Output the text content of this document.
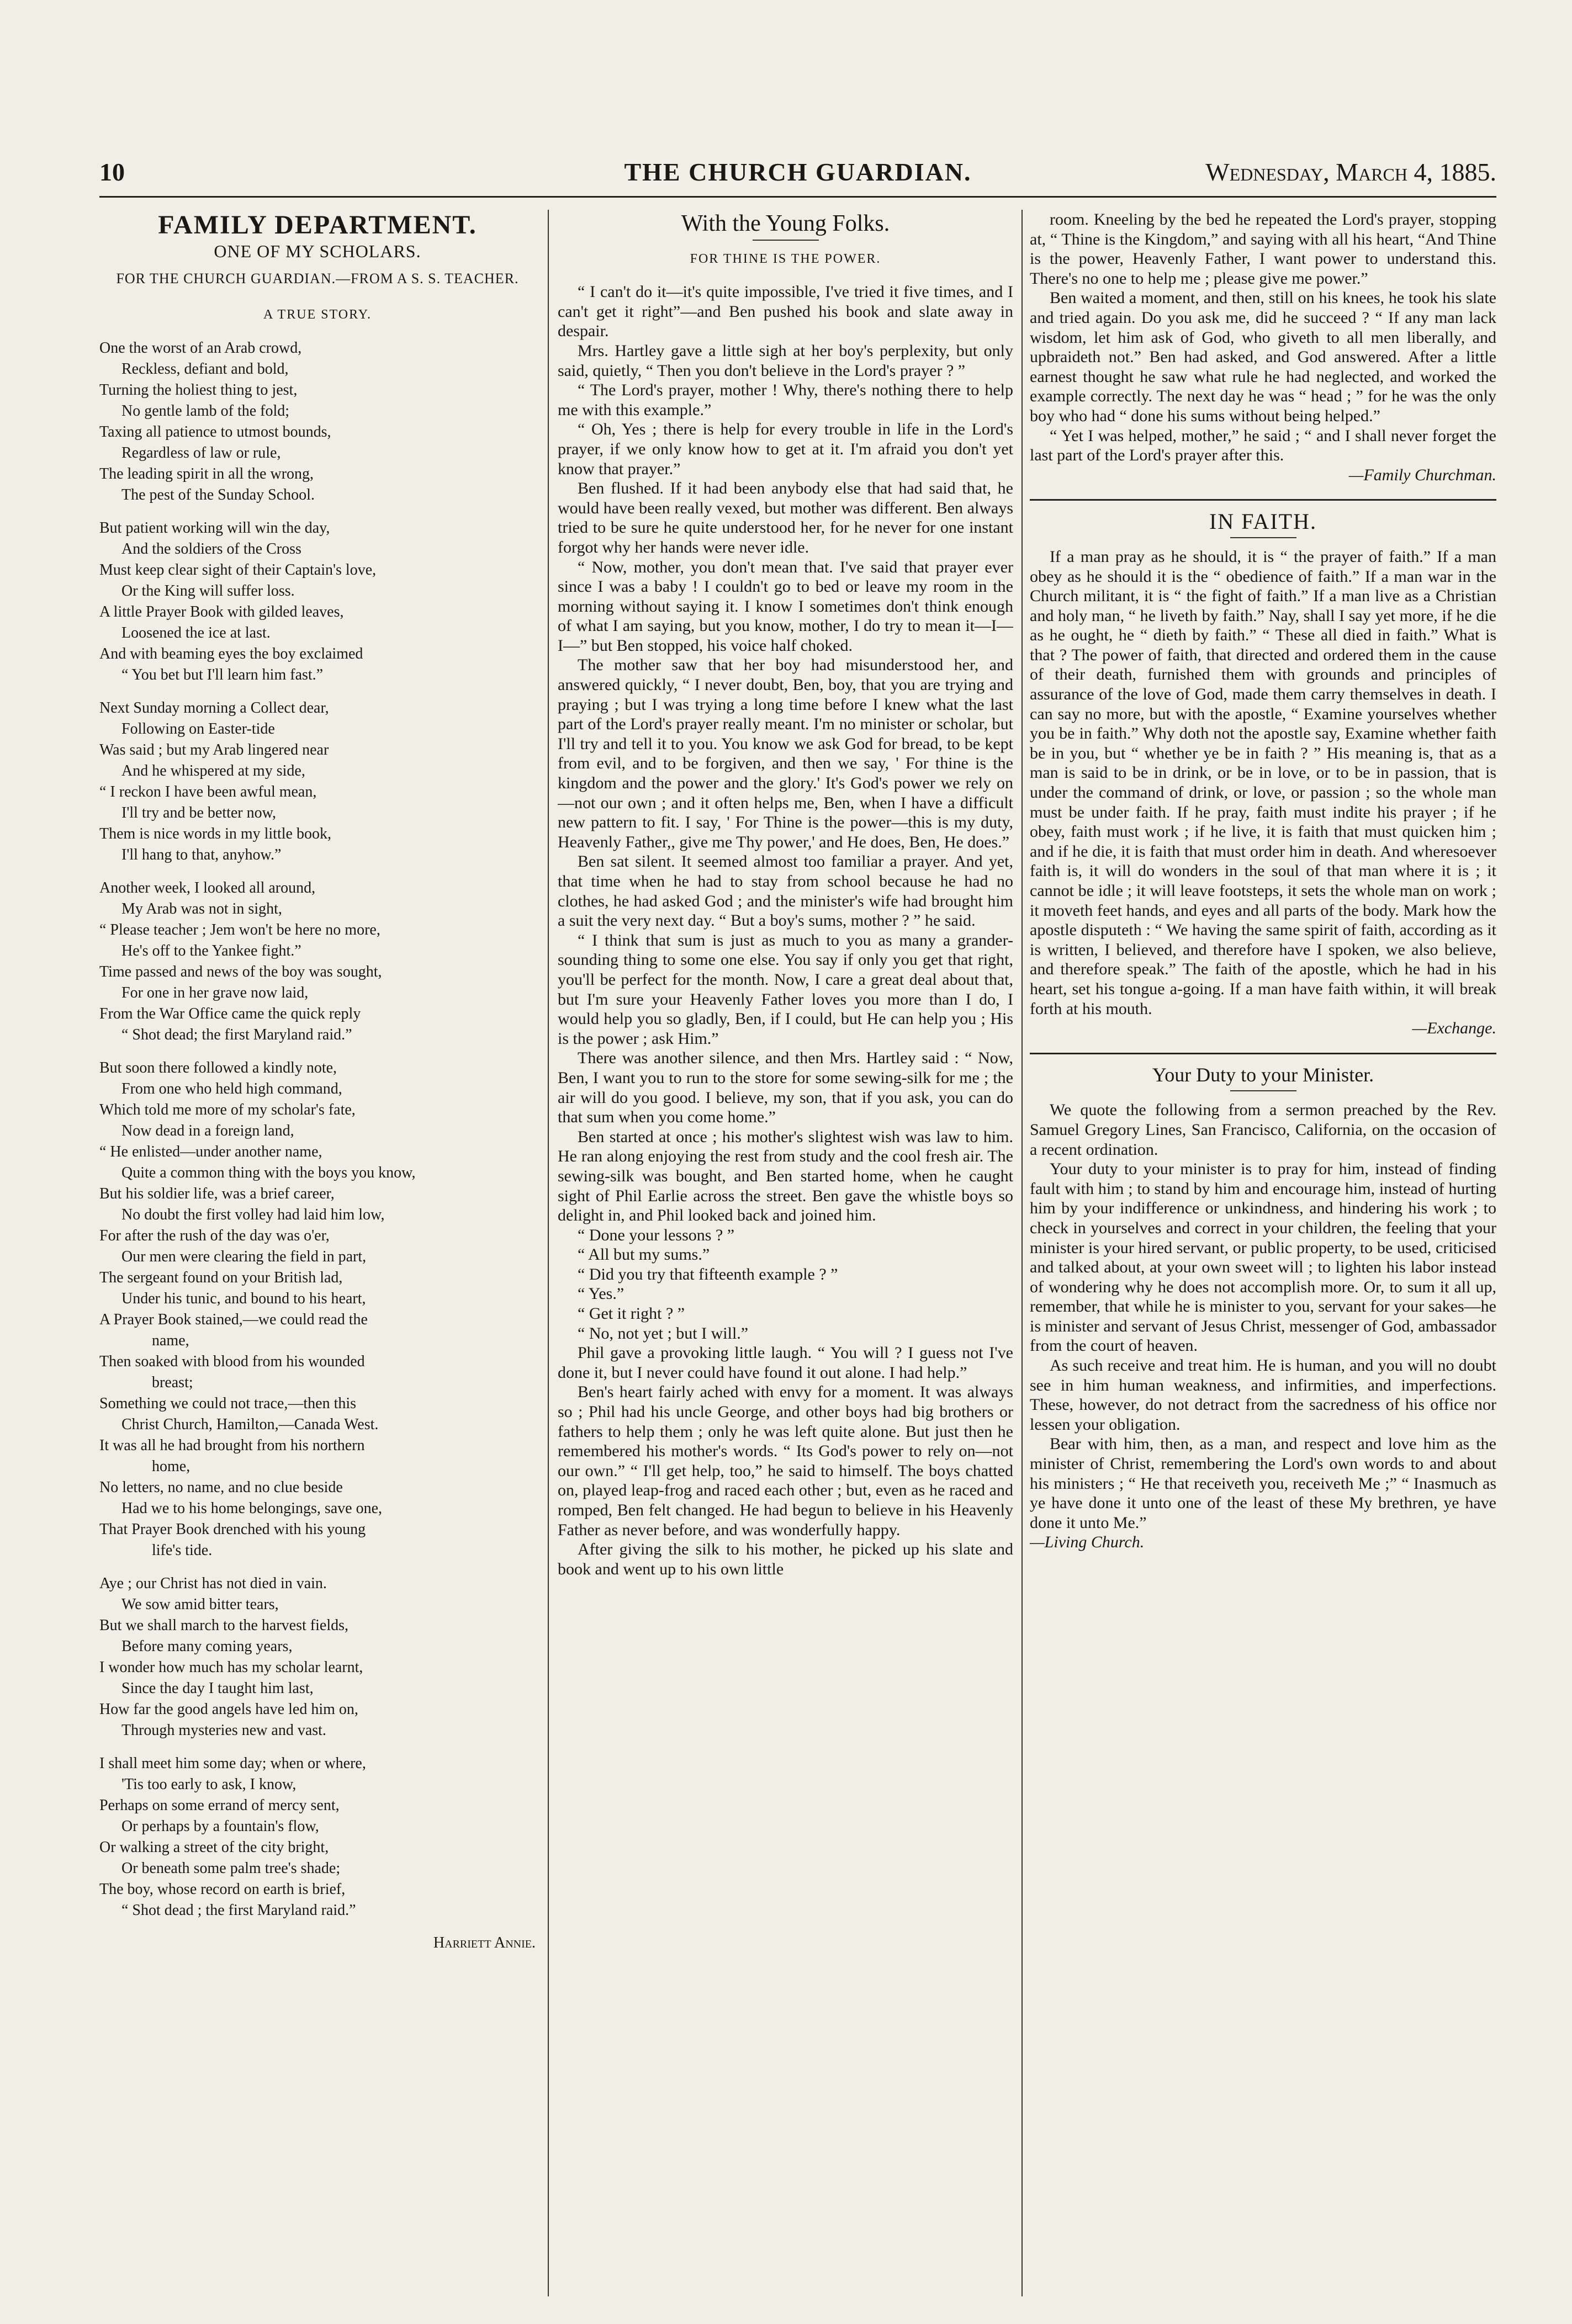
10	THE CHURCH GUARDIAN.	Wednesday, March 4, 1885.
FAMILY DEPARTMENT.
ONE OF MY SCHOLARS.
FOR THE CHURCH GUARDIAN.—FROM A S. S. TEACHER.
A TRUE STORY.
One the worst of an Arab crowd,
Reckless, defiant and bold,
Turning the holiest thing to jest,
No gentle lamb of the fold;
Taxing all patience to utmost bounds,
Regardless of law or rule,
The leading spirit in all the wrong,
The pest of the Sunday School.
But patient working will win the day,
And the soldiers of the Cross
Must keep clear sight of their Captain's love,
Or the King will suffer loss.
A little Prayer Book with gilded leaves,
Loosened the ice at last.
And with beaming eyes the boy exclaimed
“ You bet but I'll learn him fast.”
Next Sunday morning a Collect dear,
Following on Easter-tide
Was said ; but my Arab lingered near
And he whispered at my side,
“ I reckon I have been awful mean,
I'll try and be better now,
Them is nice words in my little book,
I'll hang to that, anyhow.”
Another week, I looked all around,
My Arab was not in sight,
“ Please teacher ; Jem won't be here no more,
He's off to the Yankee fight.”
Time passed and news of the boy was sought,
For one in her grave now laid,
From the War Office came the quick reply
“ Shot dead; the first Maryland raid.”
But soon there followed a kindly note,
From one who held high command,
Which told me more of my scholar's fate,
Now dead in a foreign land,
“ He enlisted—under another name,
Quite a common thing with the boys you know,
But his soldier life, was a brief career,
No doubt the first volley had laid him low,
For after the rush of the day was o'er,
Our men were clearing the field in part,
The sergeant found on your British lad,
Under his tunic, and bound to his heart,
A Prayer Book stained,—we could read the
name,
Then soaked with blood from his wounded
breast;
Something we could not trace,—then this
Christ Church, Hamilton,—Canada West.
It was all he had brought from his northern
home,
No letters, no name, and no clue beside
Had we to his home belongings, save one,
That Prayer Book drenched with his young
life's tide.
Aye ; our Christ has not died in vain.
We sow amid bitter tears,
But we shall march to the harvest fields,
Before many coming years,
I wonder how much has my scholar learnt,
Since the day I taught him last,
How far the good angels have led him on,
Through mysteries new and vast.
I shall meet him some day; when or where,
'Tis too early to ask, I know,
Perhaps on some errand of mercy sent,
Or perhaps by a fountain's flow,
Or walking a street of the city bright,
Or beneath some palm tree's shade;
The boy, whose record on earth is brief,
“ Shot dead ; the first Maryland raid.”
Harriett Annie.
With the Young Folks.
FOR THINE IS THE POWER.

“ I can't do it—it's quite impossible, I've tried it five times, and I can't get it right”—and Ben pushed his book and slate away in despair.

Mrs. Hartley gave a little sigh at her boy's perplexity, but only said, quietly, “ Then you don't believe in the Lord's prayer ? ”

“ The Lord's prayer, mother ! Why, there's nothing there to help me with this example.”

“ Oh, Yes ; there is help for every trouble in life in the Lord's prayer, if we only know how to get at it. I'm afraid you don't yet know that prayer.”

Ben flushed. If it had been anybody else that had said that, he would have been really vexed, but mother was different. Ben always tried to be sure he quite understood her, for he never for one instant forgot why her hands were never idle.

“ Now, mother, you don't mean that. I've said that prayer ever since I was a baby ! I couldn't go to bed or leave my room in the morning without saying it. I know I sometimes don't think enough of what I am saying, but you know, mother, I do try to mean it—I—I—” but Ben stopped, his voice half choked.

The mother saw that her boy had misunderstood her, and answered quickly, “ I never doubt, Ben, boy, that you are trying and praying ; but I was trying a long time before I knew what the last part of the Lord's prayer really meant. I'm no minister or scholar, but I'll try and tell it to you. You know we ask God for bread, to be kept from evil, and to be forgiven, and then we say, ' For thine is the kingdom and the power and the glory.' It's God's power we rely on—not our own ; and it often helps me, Ben, when I have a difficult new pattern to fit. I say, ' For Thine is the power—this is my duty, Heavenly Father,, give me Thy power,' and He does, Ben, He does.”

Ben sat silent. It seemed almost too familiar a prayer. And yet, that time when he had to stay from school because he had no clothes, he had asked God ; and the minister's wife had brought him a suit the very next day. “ But a boy's sums, mother ? ” he said.

“ I think that sum is just as much to you as many a grander-sounding thing to some one else. You say if only you get that right, you'll be perfect for the month. Now, I care a great deal about that, but I'm sure your Heavenly Father loves you more than I do, I would help you so gladly, Ben, if I could, but He can help you ; His is the power ; ask Him.”

There was another silence, and then Mrs. Hartley said : “ Now, Ben, I want you to run to the store for some sewing-silk for me ; the air will do you good. I believe, my son, that if you ask, you can do that sum when you come home.”

Ben started at once ; his mother's slightest wish was law to him. He ran along enjoying the rest from study and the cool fresh air. The sewing-silk was bought, and Ben started home, when he caught sight of Phil Earlie across the street. Ben gave the whistle boys so delight in, and Phil looked back and joined him.

“ Done your lessons ? ”

“ All but my sums.”

“ Did you try that fifteenth example ? ”

“ Yes.”

“ Get it right ? ”

“ No, not yet ; but I will.”

Phil gave a provoking little laugh. “ You will ? I guess not I've done it, but I never could have found it out alone. I had help.”

Ben's heart fairly ached with envy for a moment. It was always so ; Phil had his uncle George, and other boys had big brothers or fathers to help them ; only he was left quite alone. But just then he remembered his mother's words. “ Its God's power to rely on—not our own.” “ I'll get help, too,” he said to himself. The boys chatted on, played leap-frog and raced each other ; but, even as he raced and romped, Ben felt changed. He had begun to believe in his Heavenly Father as never before, and was wonderfully happy.

After giving the silk to his mother, he picked up his slate and book and went up to his own little

room. Kneeling by the bed he repeated the Lord's prayer, stopping at, “ Thine is the Kingdom,” and saying with all his heart, “And Thine is the power, Heavenly Father, I want power to understand this. There's no one to help me ; please give me power.”

Ben waited a moment, and then, still on his knees, he took his slate and tried again. Do you ask me, did he succeed ? “ If any man lack wisdom, let him ask of God, who giveth to all men liberally, and upbraideth not.” Ben had asked, and God answered. After a little earnest thought he saw what rule he had neglected, and worked the example correctly. The next day he was “ head ; ” for he was the only boy who had “ done his sums without being helped.”

“ Yet I was helped, mother,” he said ; “ and I shall never forget the last part of the Lord's prayer after this.

—Family Churchman.

IN FAITH.

If a man pray as he should, it is “ the prayer of faith.” If a man obey as he should it is the “ obedience of faith.” If a man war in the Church militant, it is “ the fight of faith.” If a man live as a Christian and holy man, “ he liveth by faith.” Nay, shall I say yet more, if he die as he ought, he “ dieth by faith.” “ These all died in faith.” What is that ? The power of faith, that directed and ordered them in the cause of their death, furnished them with grounds and principles of assurance of the love of God, made them carry themselves in death. I can say no more, but with the apostle, “ Examine yourselves whether you be in faith.” Why doth not the apostle say, Examine whether faith be in you, but “ whether ye be in faith ? ” His meaning is, that as a man is said to be in drink, or be in love, or to be in passion, that is under the command of drink, or love, or passion ; so the whole man must be under faith. If he pray, faith must indite his prayer ; if he obey, faith must work ; if he live, it is faith that must quicken him ; and if he die, it is faith that must order him in death. And wheresoever faith is, it will do wonders in the soul of that man where it is ; it cannot be idle ; it will leave footsteps, it sets the whole man on work ; it moveth feet hands, and eyes and all parts of the body. Mark how the apostle disputeth : “ We having the same spirit of faith, according as it is written, I believed, and therefore have I spoken, we also believe, and therefore speak.” The faith of the apostle, which he had in his heart, set his tongue a-going. If a man have faith within, it will break forth at his mouth.

—Exchange.

Your Duty to your Minister.

We quote the following from a sermon preached by the Rev. Samuel Gregory Lines, San Francisco, California, on the occasion of a recent ordination.

Your duty to your minister is to pray for him, instead of finding fault with him ; to stand by him and encourage him, instead of hurting him by your indifference or unkindness, and hindering his work ; to check in yourselves and correct in your children, the feeling that your minister is your hired servant, or public property, to be used, criticised and talked about, at your own sweet will ; to lighten his labor instead of wondering why he does not accomplish more. Or, to sum it all up, remember, that while he is minister to you, servant for your sakes—he is minister and servant of Jesus Christ, messenger of God, ambassador from the court of heaven.

As such receive and treat him. He is human, and you will no doubt see in him human weakness, and infirmities, and imperfections. These, however, do not detract from the sacredness of his office nor lessen your obligation.

Bear with him, then, as a man, and respect and love him as the minister of Christ, remembering the Lord's own words to and about his ministers ; “ He that receiveth you, receiveth Me ;” “ Inasmuch as ye have done it unto one of the least of these My brethren, ye have done it unto Me.”

—Living Church.
